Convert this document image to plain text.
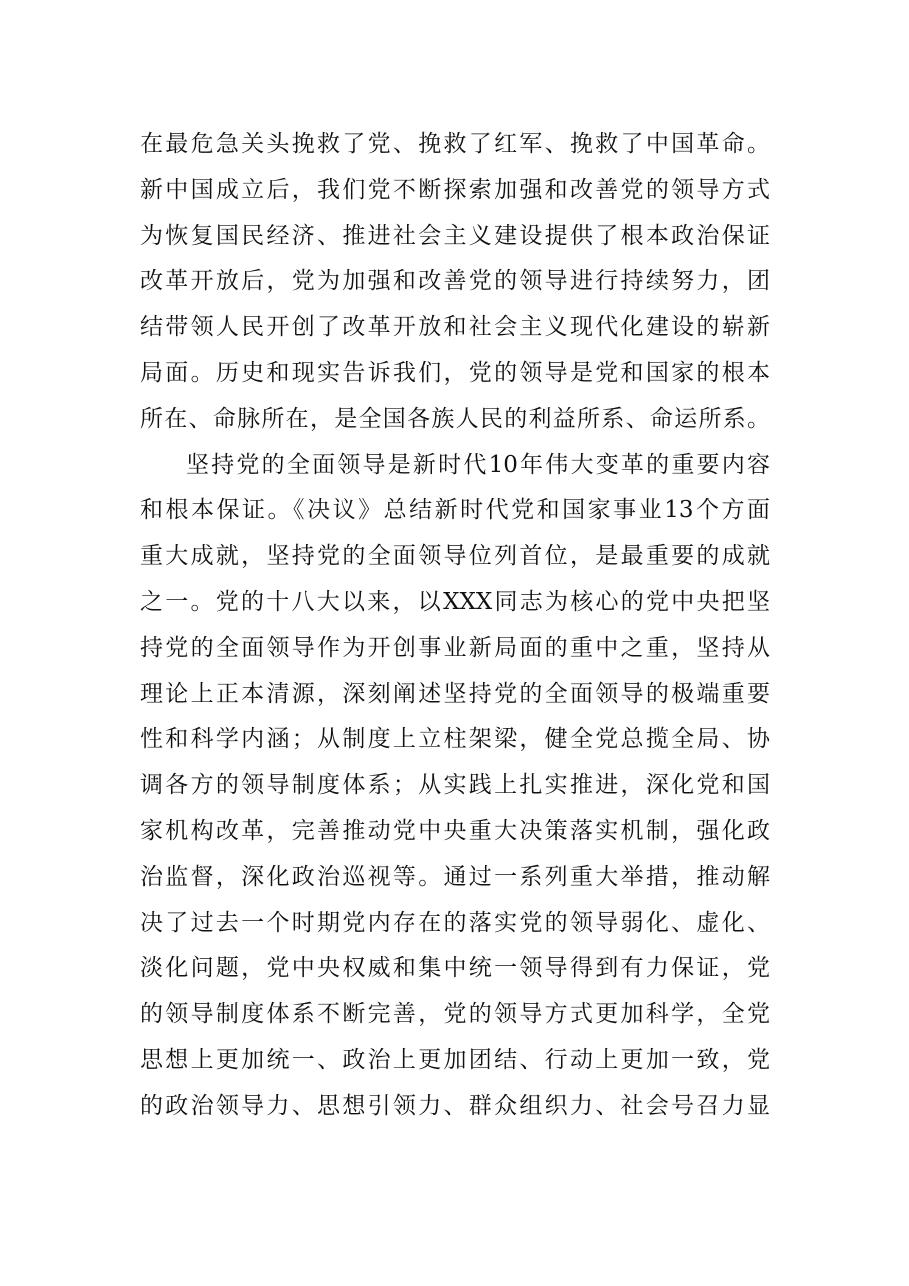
在最危急关头挽救了党、挽救了红军、挽救了中国革命。
新中国成立后，我们党不断探索加强和改善党的领导方式
为恢复国民经济、推进社会主义建设提供了根本政治保证
改革开放后，党为加强和改善党的领导进行持续努力，团
结带领人民开创了改革开放和社会主义现代化建设的崭新
局面。历史和现实告诉我们，党的领导是党和国家的根本
所在、命脉所在，是全国各族人民的利益所系、命运所系。
坚持党的全面领导是新时代10年伟大变革的重要内容
和根本保证。《决议》总结新时代党和国家事业13个方面
重大成就，坚持党的全面领导位列首位，是最重要的成就
之一。党的十八大以来，以XXX同志为核心的党中央把坚
持党的全面领导作为开创事业新局面的重中之重，坚持从
理论上正本清源，深刻阐述坚持党的全面领导的极端重要
性和科学内涵；从制度上立柱架梁，健全党总揽全局、协
调各方的领导制度体系；从实践上扎实推进，深化党和国
家机构改革，完善推动党中央重大决策落实机制，强化政
治监督，深化政治巡视等。通过一系列重大举措，推动解
决了过去一个时期党内存在的落实党的领导弱化、虚化、
淡化问题，党中央权威和集中统一领导得到有力保证，党
的领导制度体系不断完善，党的领导方式更加科学，全党
思想上更加统一、政治上更加团结、行动上更加一致，党
的政治领导力、思想引领力、群众组织力、社会号召力显
